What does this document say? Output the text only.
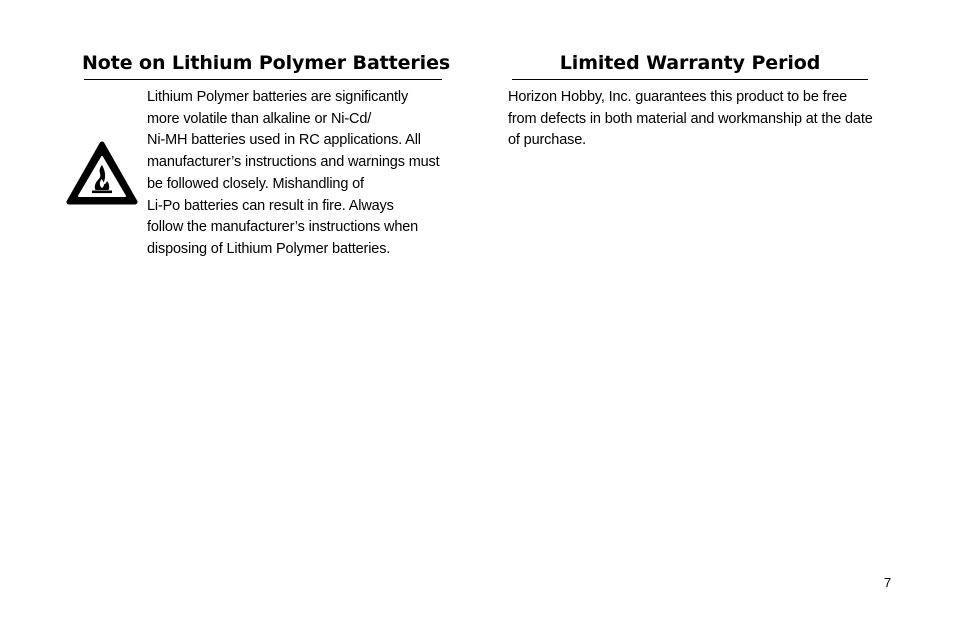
Note on Lithium Polymer Batteries
Lithium Polymer batteries are significantly
more volatile than alkaline or Ni-Cd/
Ni-MH batteries used in RC applications. All
manufacturer’s instructions and warnings must
be followed closely. Mishandling of
Li-Po batteries can result in fire. Always
follow the manufacturer’s instructions when
disposing of Lithium Polymer batteries.
Limited Warranty Period
Horizon Hobby, Inc. guarantees this product to be free
from defects in both material and workmanship at the date
of purchase.

7
